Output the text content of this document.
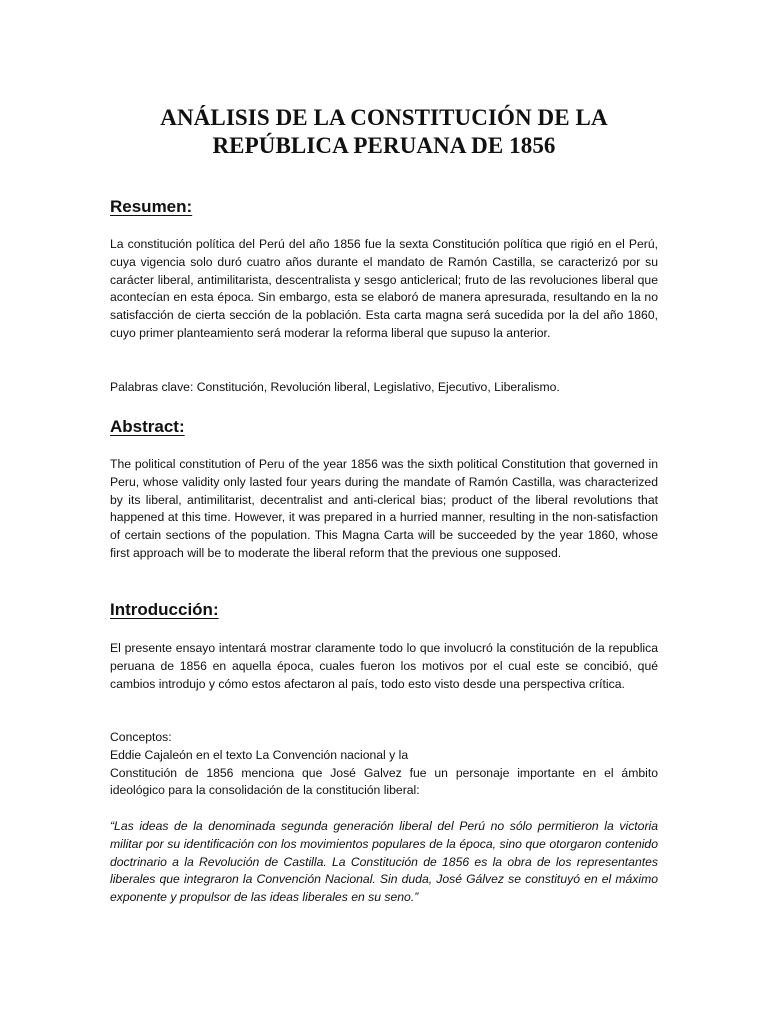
ANÁLISIS DE LA CONSTITUCIÓN DE LA
REPÚBLICA PERUANA DE 1856
Resumen:

La constitución política del Perú del año 1856 fue la sexta Constitución política que rigió en el Perú, cuya vigencia solo duró cuatro años durante el mandato de Ramón Castilla, se caracterizó por su carácter liberal, antimilitarista, descentralista y sesgo anticlerical; fruto de las revoluciones liberal que acontecían en esta época. Sin embargo, esta se elaboró de manera apresurada, resultando en la no satisfacción de cierta sección de la población. Esta carta magna será sucedida por la del año 1860, cuyo primer planteamiento será moderar la reforma liberal que supuso la anterior.

Palabras clave: Constitución, Revolución liberal, Legislativo, Ejecutivo, Liberalismo.

Abstract:

The political constitution of Peru of the year 1856 was the sixth political Constitution that governed in Peru, whose validity only lasted four years during the mandate of Ramón Castilla, was characterized by its liberal, antimilitarist, decentralist and anti-clerical bias; product of the liberal revolutions that happened at this time. However, it was prepared in a hurried manner, resulting in the non-satisfaction of certain sections of the population. This Magna Carta will be succeeded by the year 1860, whose first approach will be to moderate the liberal reform that the previous one supposed.

Introducción:

El presente ensayo intentará mostrar claramente todo lo que involucró la constitución de la republica peruana de 1856 en aquella época, cuales fueron los motivos por el cual este se concibió, qué cambios introdujo y cómo estos afectaron al país, todo esto visto desde una perspectiva crítica.

Conceptos:
Eddie Cajaleón en el texto La Convención nacional y la
Constitución de 1856 menciona que José Galvez fue un personaje importante en el ámbito ideológico para la consolidación de la constitución liberal:

“Las ideas de la denominada segunda generación liberal del Perú no sólo permitieron la victoria militar por su identificación con los movimientos populares de la época, sino que otorgaron contenido doctrinario a la Revolución de Castilla. La Constitución de 1856 es la obra de los representantes liberales que integraron la Convención Nacional. Sin duda, José Gálvez se constituyó en el máximo exponente y propulsor de las ideas liberales en su seno.”
